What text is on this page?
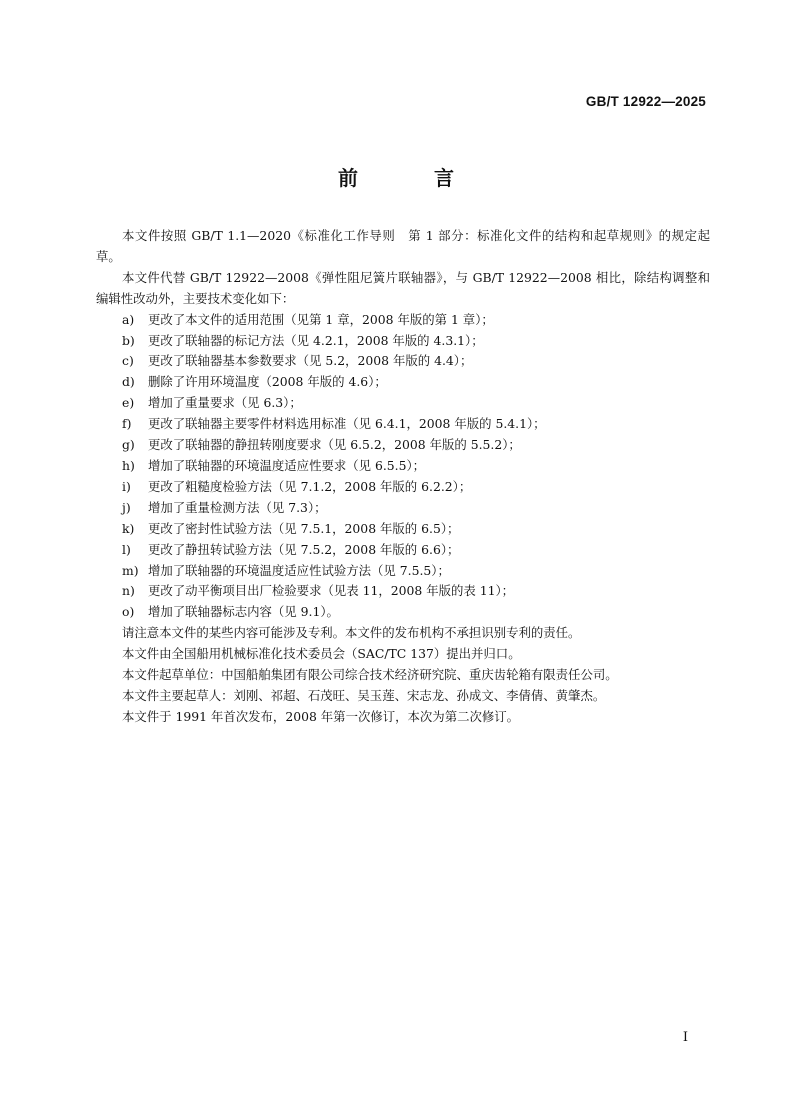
GB/T 12922—2025
前　言

本文件按照 GB/T 1.1—2020《标准化工作导则　第 1 部分：标准化文件的结构和起草规则》的规定起草。

本文件代替 GB/T 12922—2008《弹性阻尼簧片联轴器》，与 GB/T 12922—2008 相比，除结构调整和编辑性改动外，主要技术变化如下：

a)	更改了本文件的适用范围（见第 1 章，2008 年版的第 1 章）；
b)	更改了联轴器的标记方法（见 4.2.1，2008 年版的 4.3.1）；
c)	更改了联轴器基本参数要求（见 5.2，2008 年版的 4.4）；
d)	删除了许用环境温度（2008 年版的 4.6）；
e)	增加了重量要求（见 6.3）；
f)	更改了联轴器主要零件材料选用标准（见 6.4.1，2008 年版的 5.4.1）；
g)	更改了联轴器的静扭转刚度要求（见 6.5.2，2008 年版的 5.5.2）；
h)	增加了联轴器的环境温度适应性要求（见 6.5.5）；
i)	更改了粗糙度检验方法（见 7.1.2，2008 年版的 6.2.2）；
j)	增加了重量检测方法（见 7.3）；
k)	更改了密封性试验方法（见 7.5.1，2008 年版的 6.5）；
l)	更改了静扭转试验方法（见 7.5.2，2008 年版的 6.6）；
m) 增加了联轴器的环境温度适应性试验方法（见 7.5.5）；
n)	更改了动平衡项目出厂检验要求（见表 11，2008 年版的表 11）；
o)	增加了联轴器标志内容（见 9.1）。

请注意本文件的某些内容可能涉及专利。本文件的发布机构不承担识别专利的责任。

本文件由全国船用机械标准化技术委员会（SAC/TC 137）提出并归口。

本文件起草单位：中国船舶集团有限公司综合技术经济研究院、重庆齿轮箱有限责任公司。

本文件主要起草人：刘刚、祁超、石茂旺、吴玉莲、宋志龙、孙成文、李倩倩、黄肇杰。

本文件于 1991 年首次发布，2008 年第一次修订，本次为第二次修订。

I
